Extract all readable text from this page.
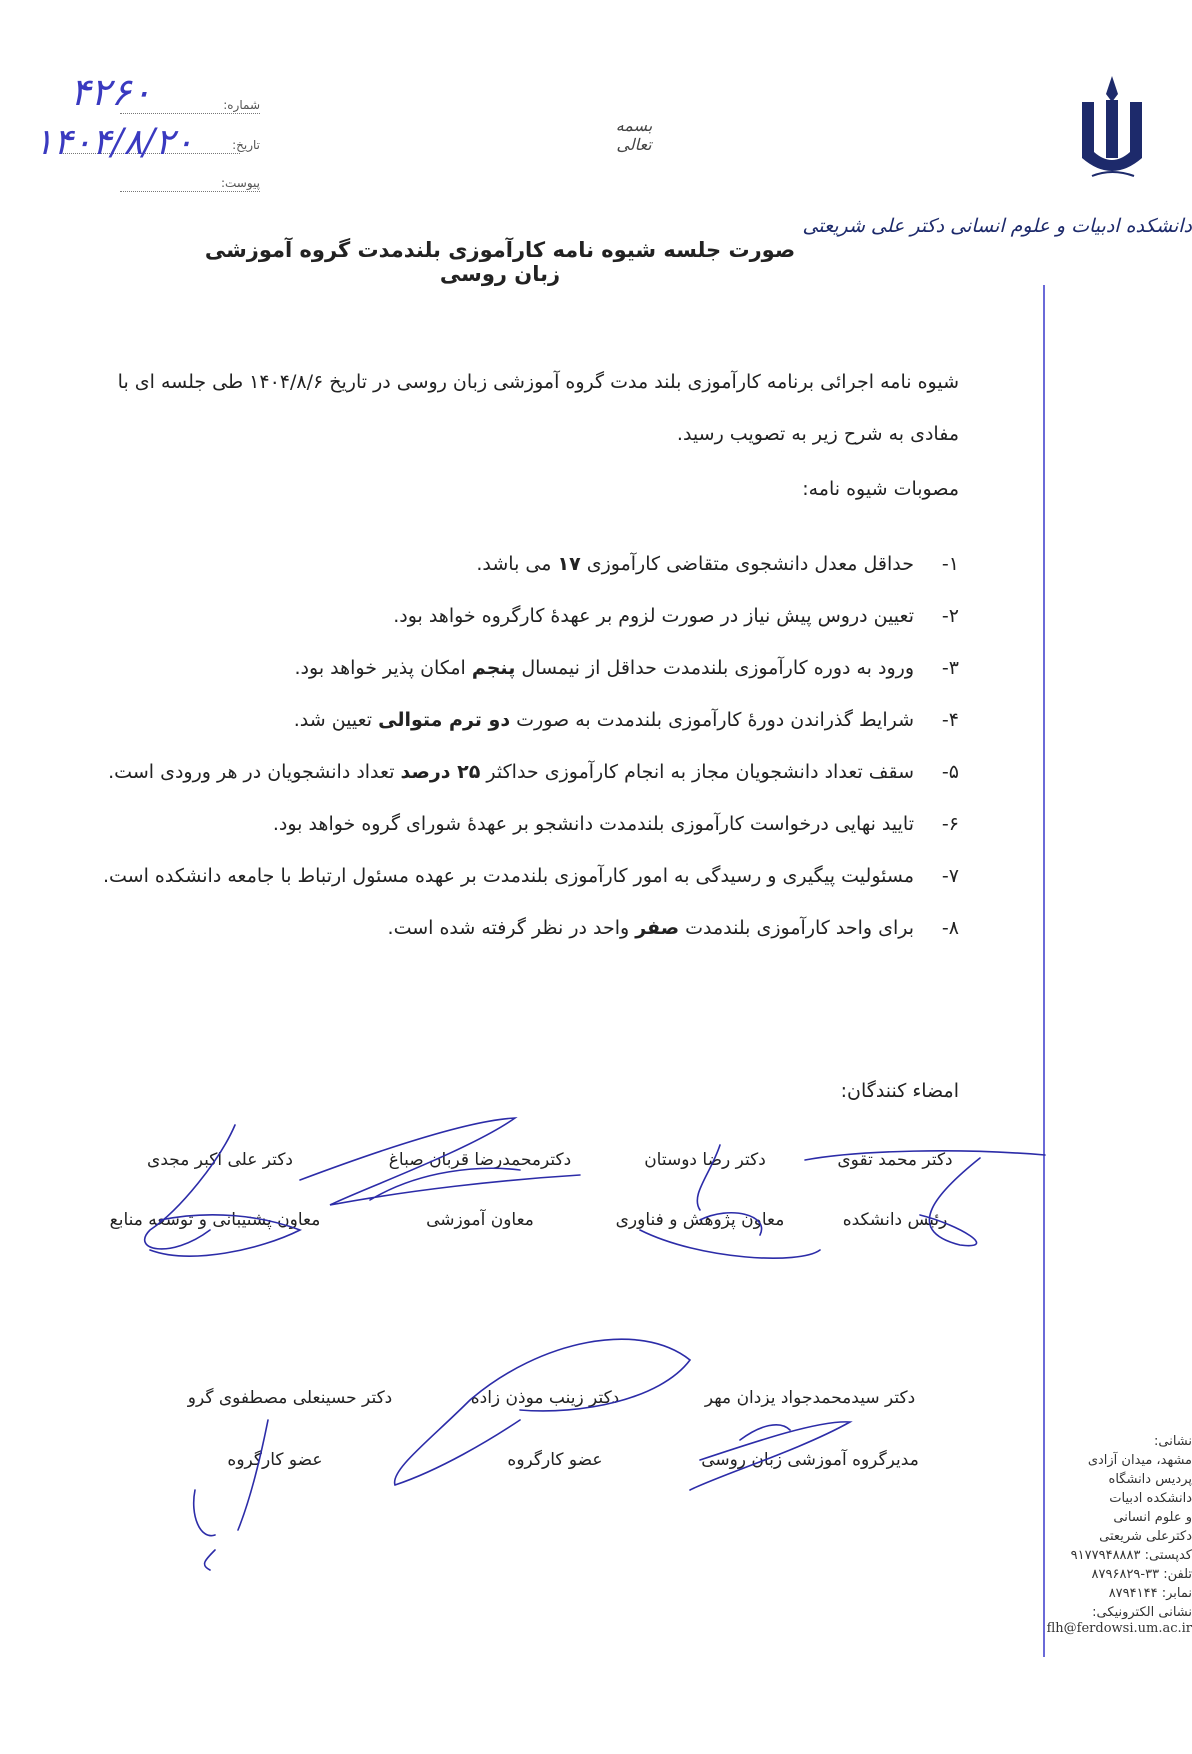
دانشکده ادبیات و علوم انسانی دکتر علی شریعتی
شماره:
تاریخ:
پیوست:
۴۲۶۰
۱۴۰۴/۸/۲۰	بسمه تعالی
صورت جلسه شیوه نامه کارآموزی بلندمدت گروه آموزشی زبان روسی
شیوه نامه اجرائی برنامه کارآموزی بلند مدت گروه آموزشی زبان روسی در تاریخ ۱۴۰۴/۸/۶ طی جلسه ای با مفادی به شرح زیر به تصویب رسید.
مصوبات شیوه نامه:
۱-
حداقل معدل دانشجوی متقاضی کارآموزی ۱۷ می باشد.
۲-
تعیین دروس پیش نیاز در صورت لزوم بر عهدهٔ کارگروه خواهد بود.
۳-
ورود به دوره کارآموزی بلندمدت حداقل از نیمسال پنجم امکان پذیر خواهد بود.
۴-
شرایط گذراندن دورهٔ کارآموزی بلندمدت به صورت دو ترم متوالی تعیین شد.
۵-
سقف تعداد دانشجویان مجاز به انجام کارآموزی حداکثر ۲۵ درصد تعداد دانشجویان در هر ورودی است.
۶-
تایید نهایی درخواست کارآموزی بلندمدت دانشجو بر عهدهٔ شورای گروه خواهد بود.
۷-
مسئولیت پیگیری و رسیدگی به امور کارآموزی بلندمدت بر عهده مسئول ارتباط با جامعه دانشکده است.
۸-
برای واحد کارآموزی بلندمدت صفر واحد در نظر گرفته شده است.
امضاء کنندگان:
دکتر محمد تقوی
رئیس دانشکده
دکتر رضا دوستان
معاون پژوهش و فناوری
دکترمحمدرضا قربان صباغ
معاون آموزشی
دکتر علی اکبر مجدی
معاون پشتیبانی و توسعه منابع
دکتر سیدمحمدجواد یزدان مهر
مدیرگروه آموزشی زبان روسی
دکتر زینب موذن زاده
عضو کارگروه
دکتر حسینعلی مصطفوی گرو
عضو کارگروه
نشانی:
مشهد، میدان آزادی
پردیس دانشگاه
دانشکده ادبیات
و علوم انسانی
دکترعلی شریعتی
کدپستی: ۹۱۷۷۹۴۸۸۸۳
تلفن: ۳۳-۸۷۹۶۸۲۹
نمابر: ۸۷۹۴۱۴۴
نشانی الکترونیکی:
flh@ferdowsi.um.ac.ir
